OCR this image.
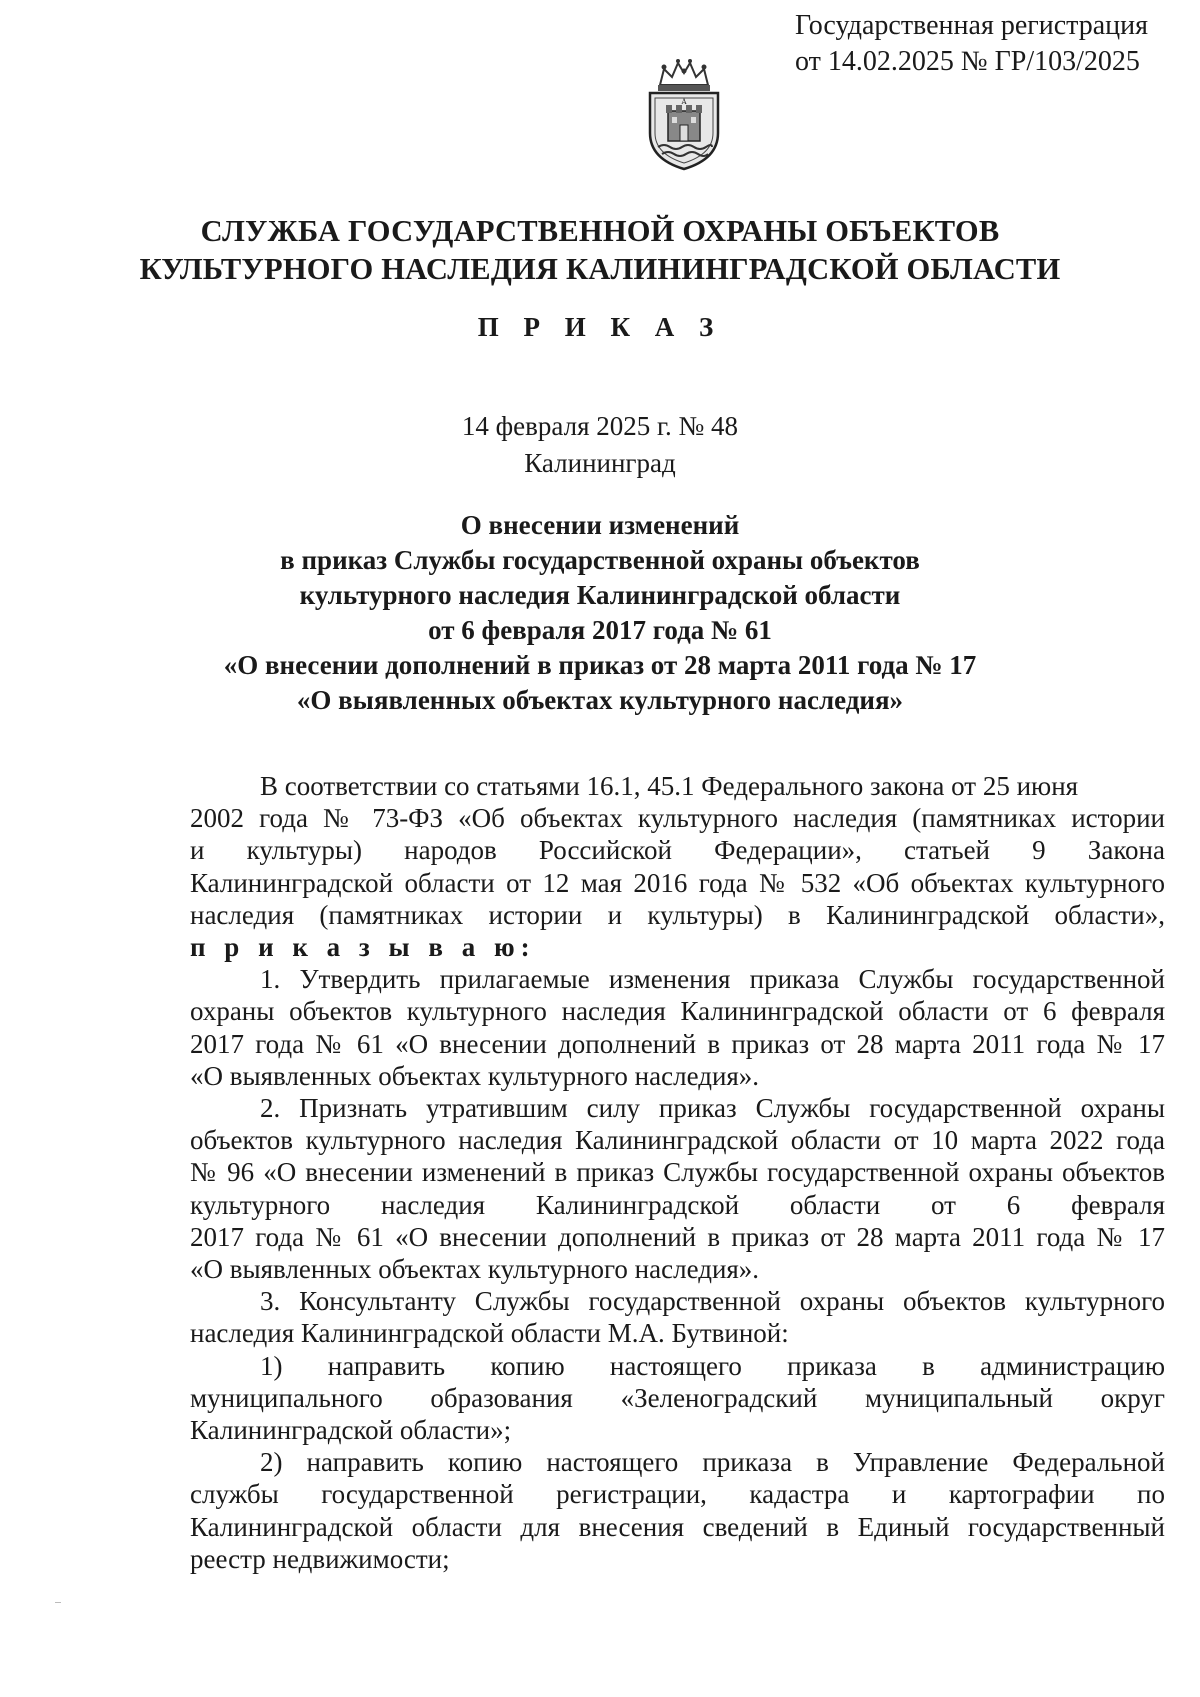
Государственная регистрация
от 14.02.2025 № ГР/103/2025
A
СЛУЖБА ГОСУДАРСТВЕННОЙ ОХРАНЫ ОБЪЕКТОВ
КУЛЬТУРНОГО НАСЛЕДИЯ КАЛИНИНГРАДСКОЙ ОБЛАСТИ
П Р И К А З
14 февраля 2025 г. № 48
Калининград
О внесении изменений
в приказ Службы государственной охраны объектов
культурного наследия Калининградской области
от 6 февраля 2017 года № 61
«О внесении дополнений в приказ от 28 марта 2011 года № 17
«О выявленных объектах культурного наследия»
В соответствии со статьями 16.1, 45.1 Федерального закона от 25 июня
2002 года № 73-ФЗ «Об объектах культурного наследия (памятниках истории
и культуры) народов Российской Федерации», статьей 9 Закона
Калининградской области от 12 мая 2016 года № 532 «Об объектах культурного
наследия (памятниках истории и культуры) в Калининградской области»,
п р и к а з ы в а ю:
1. Утвердить прилагаемые изменения приказа Службы государственной
охраны объектов культурного наследия Калининградской области от 6 февраля
2017 года № 61 «О внесении дополнений в приказ от 28 марта 2011 года № 17
«О выявленных объектах культурного наследия».
2. Признать утратившим силу приказ Службы государственной охраны
объектов культурного наследия Калининградской области от 10 марта 2022 года
№ 96 «О внесении изменений в приказ Службы государственной охраны объектов
культурного наследия Калининградской области от 6 февраля
2017 года № 61 «О внесении дополнений в приказ от 28 марта 2011 года № 17
«О выявленных объектах культурного наследия».
3. Консультанту Службы государственной охраны объектов культурного
наследия Калининградской области М.А. Бутвиной:
1) направить копию настоящего приказа в администрацию
муниципального образования «Зеленоградский муниципальный округ
Калининградской области»;
2) направить копию настоящего приказа в Управление Федеральной
службы государственной регистрации, кадастра и картографии по
Калининградской области для внесения сведений в Единый государственный
реестр недвижимости;
